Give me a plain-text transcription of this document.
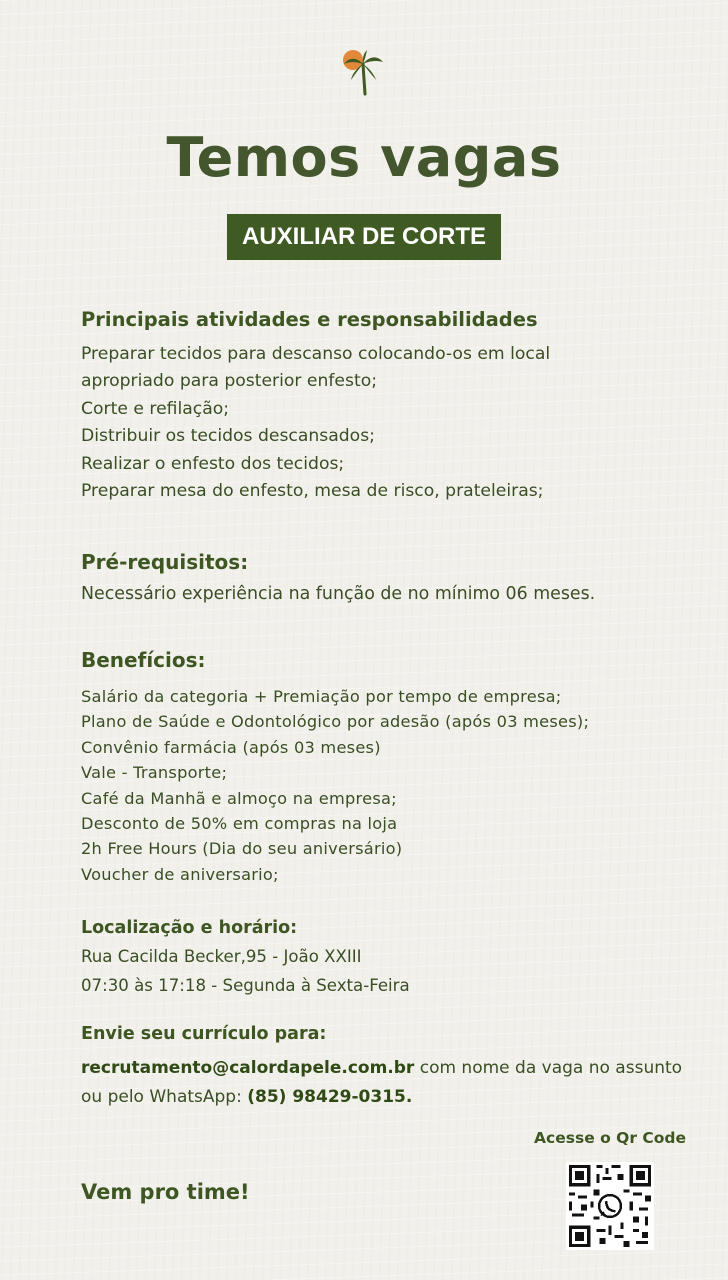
Temos vagas
AUXILIAR DE CORTE
Principais atividades e responsabilidades
Preparar tecidos para descanso colocando-os em local
apropriado para posterior enfesto;
Corte e refilação;
Distribuir os tecidos descansados;
Realizar o enfesto dos tecidos;
Preparar mesa do enfesto, mesa de risco, prateleiras;
Pré-requisitos:

Necessário experiência na função de no mínimo 06 meses.

Benefícios:
Salário da categoria + Premiação por tempo de empresa;
Plano de Saúde e Odontológico por adesão (após 03 meses);
Convênio farmácia (após 03 meses)
Vale - Transporte;
Café da Manhã e almoço na empresa;
Desconto de 50% em compras na loja
2h Free Hours (Dia do seu aniversário)
Voucher de aniversario;
Localização e horário:
Rua Cacilda Becker,95 - João XXIII
07:30 às 17:18 - Segunda à Sexta-Feira
Envie seu currículo para:

recrutamento@calordapele.com.br com nome da vaga no assunto ou pelo WhatsApp: (85) 98429-0315.

Acesse o Qr Code
Vem pro time!
